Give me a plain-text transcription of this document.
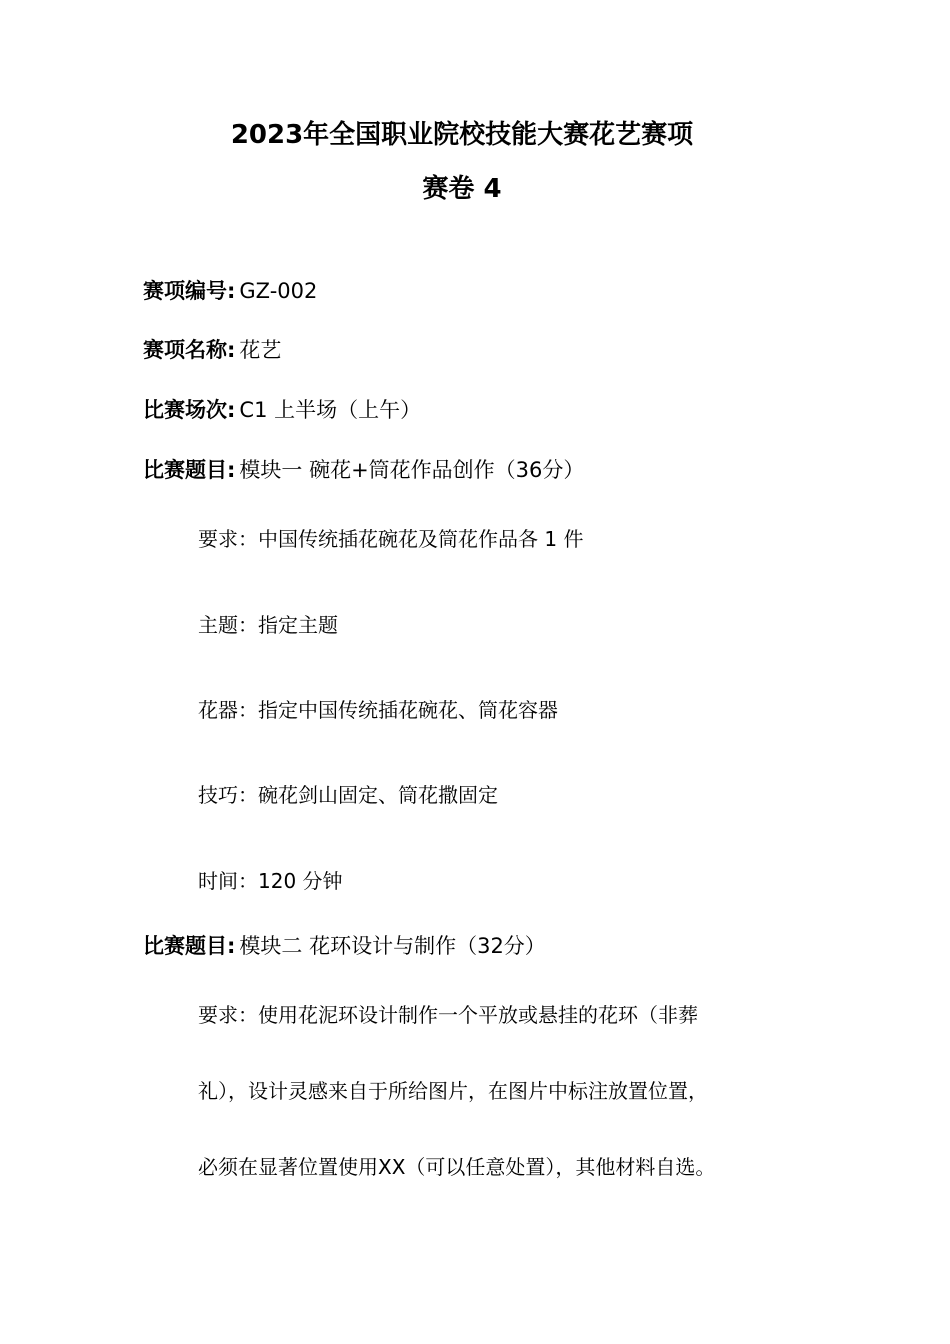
2023年全国职业院校技能大赛花艺赛项
赛卷 4
赛项编号: GZ-002
赛项名称: 花艺
比赛场次: C1 上半场（上午）
比赛题目: 模块一 碗花+筒花作品创作（36分）
要求：中国传统插花碗花及筒花作品各 1 件
主题：指定主题
花器：指定中国传统插花碗花、筒花容器
技巧：碗花剑山固定、筒花撒固定
时间：120 分钟
比赛题目: 模块二 花环设计与制作（32分）
要求：使用花泥环设计制作一个平放或悬挂的花环（非葬
礼），设计灵感来自于所给图片，在图片中标注放置位置，
必须在显著位置使用XX（可以任意处置），其他材料自选。
